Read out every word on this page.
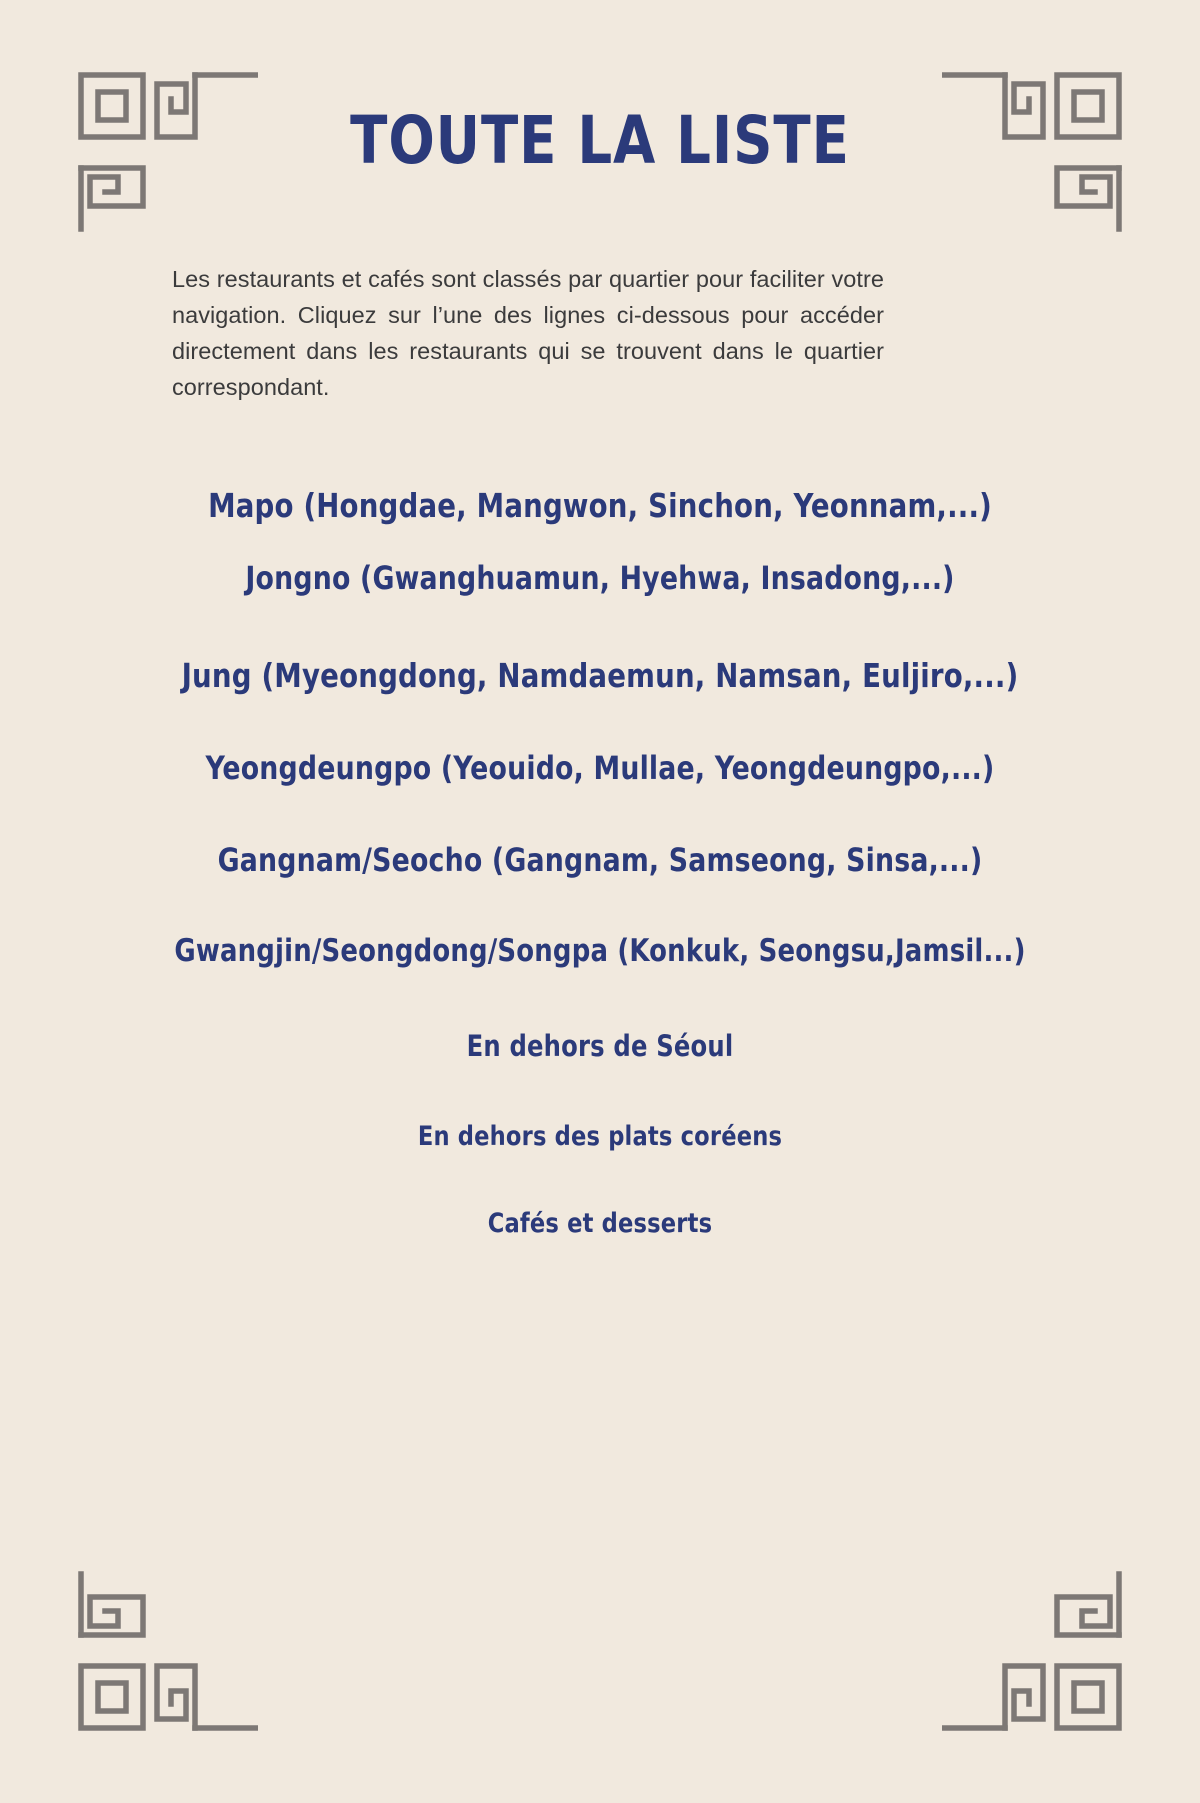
TOUTE LA LISTE
Les restaurants et cafés sont classés par quartier pour faciliter votre navigation. Cliquez sur l’une des lignes ci-dessous pour accéder directement dans les restaurants qui se trouvent dans le quartier correspondant.
Mapo (Hongdae, Mangwon, Sinchon, Yeonnam,...)
Jongno (Gwanghuamun, Hyehwa, Insadong,...)
Jung (Myeongdong, Namdaemun, Namsan, Euljiro,...)
Yeongdeungpo (Yeouido, Mullae, Yeongdeungpo,...)
Gangnam/Seocho (Gangnam, Samseong, Sinsa,...)
Gwangjin/Seongdong/Songpa (Konkuk, Seongsu,Jamsil...)
En dehors de Séoul
En dehors des plats coréens
Cafés et desserts
